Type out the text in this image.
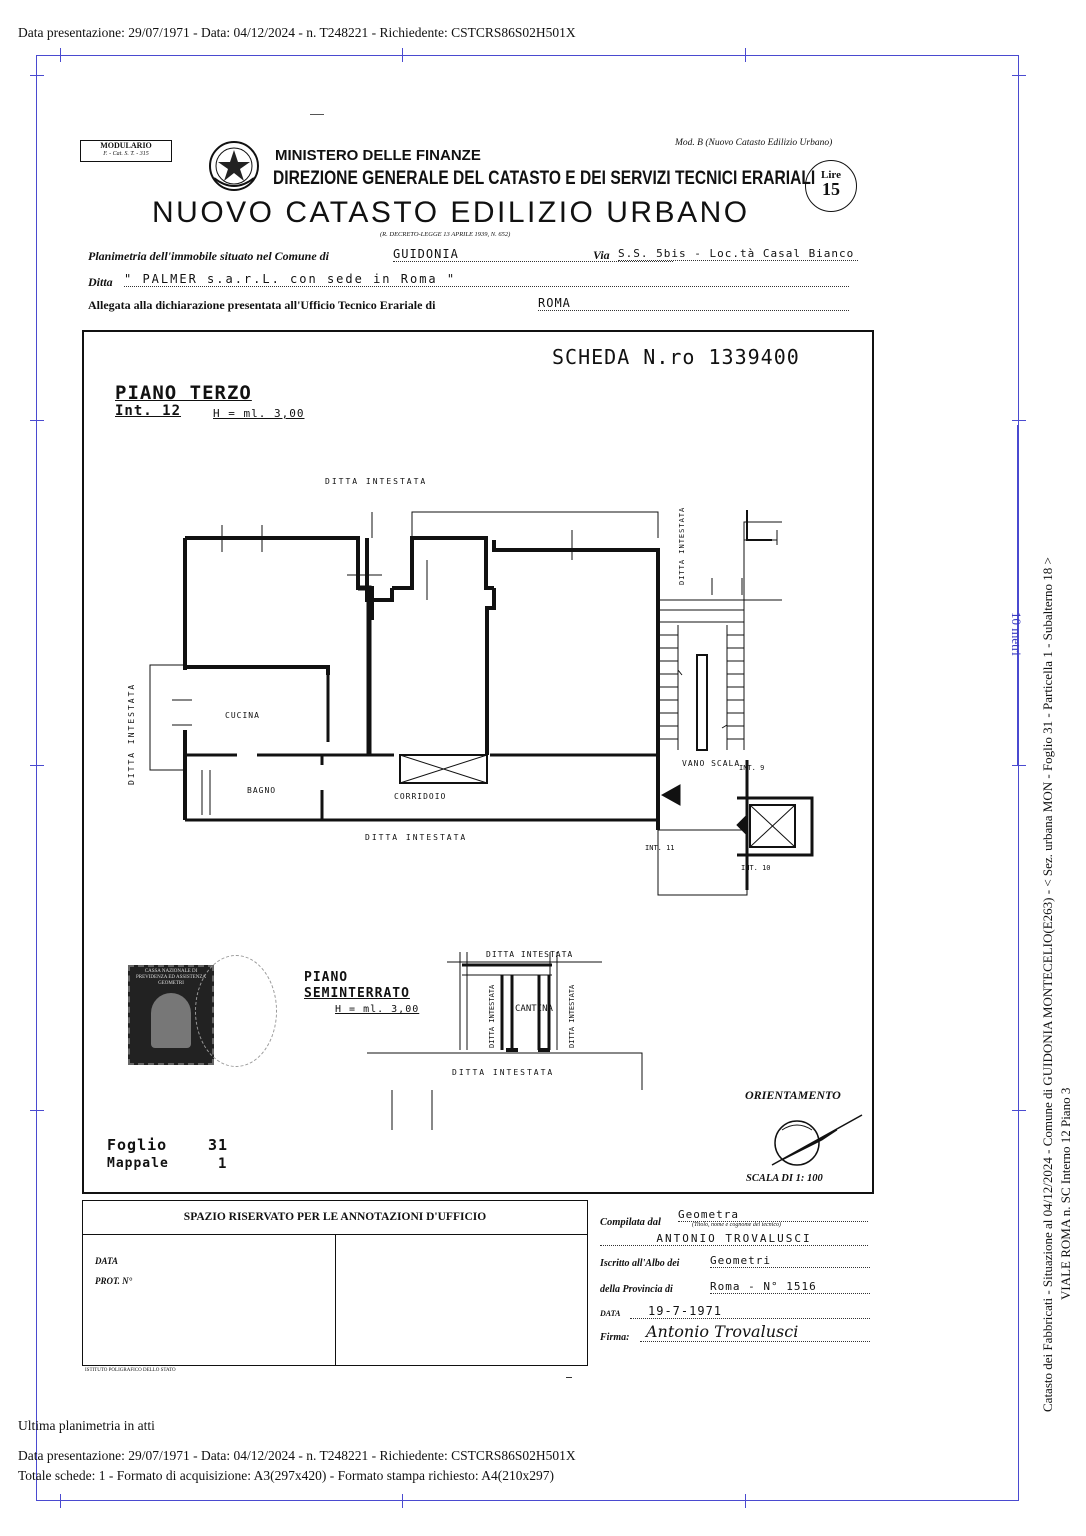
Data presentazione: 29/07/1971 - Data: 04/12/2024 - n. T248221 - Richiedente: CSTCRS86S02H501X
10 metri Catasto dei Fabbricati - Situazione al 04/12/2024 - Comune di GUIDONIA MONTECELIO(E263) - < Sez. urbana MON - Foglio 31 - Particella 1 - Subalterno 18 > VIALE ROMA n. SC Interno 12 Piano 3
MODULARIO
F. - Cat. S. T. - 315	MINISTERO DELLE FINANZE
DIREZIONE GENERALE DEL CATASTO E DEI SERVIZI TECNICI ERARIALI
Mod. B (Nuovo Catasto Edilizio Urbano)
Lire
15
NUOVO CATASTO EDILIZIO URBANO
(R. DECRETO-LEGGE 13 APRILE 1939, N. 652)
Planimetria dell'immobile situato nel Comune di	GUIDONIA	Via S.S. 5bis - Loc.tà Casal Bianco
Ditta " PALMER s.a.r.L. con sede in Roma "
Allegata alla dichiarazione presentata all'Ufficio Tecnico Erariale di	ROMA
SCHEDA N.ro 1339400
PIANO TERZO
Int. 12	H = ml. 3,00
DITTA INTESTATA
DITTA INTESTATA
CUCINA
BAGNO
CORRIDOIO
VANO SCALA
INT. 9
INT. 10
INT. 11
DITTA INTESTATA
DITTA INTESTATA
CANTINA
DITTA INTESTATA
DITTA INTESTATA
DITTA INTESTATA	DITTA INTESTATA
PIANO
SEMINTERRATO
H = ml. 3,00
CASSA NAZIONALE DI PREVIDENZA ED ASSISTENZA GEOMETRI
ORIENTAMENTO
SCALA DI 1: 100
Foglio	31
Mappale	1
SPAZIO RISERVATO PER LE ANNOTAZIONI D'UFFICIO
DATA
PROT. N°
ISTITUTO POLIGRAFICO DELLO STATO
Compilata dal
Geometra
(Titolo, nome e cognome del tecnico)
ANTONIO TROVALUSCI
Iscritto all'Albo dei	Geometri
della Provincia di	Roma - N° 1516
DATA	19-7-1971
Firma:	Antonio Trovalusci
Ultima planimetria in atti
Data presentazione: 29/07/1971 - Data: 04/12/2024 - n. T248221 - Richiedente: CSTCRS86S02H501X
Totale schede: 1 - Formato di acquisizione: A3(297x420) - Formato stampa richiesto: A4(210x297)
